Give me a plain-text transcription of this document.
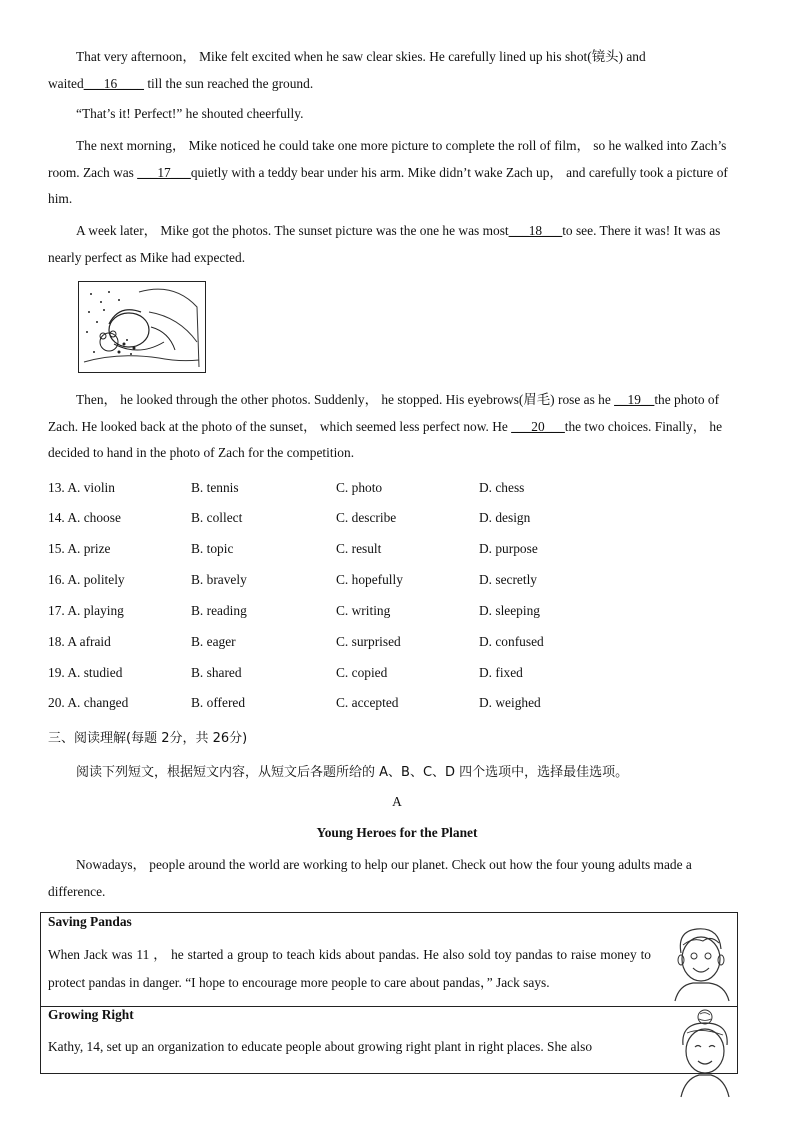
That very afternoon， Mike felt excited when he saw clear skies. He carefully lined up his shot(镜头) and
waited___16____ till the sun reached the ground.

“That’s it! Perfect!” he shouted cheerfully.

The next morning， Mike noticed he could take one more picture to complete the roll of film， so he walked into Zach’s room. Zach was ___17___quietly with a teddy bear under his arm. Mike didn’t wake Zach up， and carefully took a picture of him.

A week later， Mike got the photos. The sunset picture was the one he was most___18___to see. There it was! It was as nearly perfect as Mike had expected.

Then， he looked through the other photos. Suddenly， he stopped. His eyebrows(眉毛) rose as he __19__the photo of Zach. He looked back at the photo of the sunset， which seemed less perfect now. He ___20___the two choices. Finally， he decided to hand in the photo of Zach for the competition.

13. A. violin	B. tennis	C. photo	D. chess
14. A. choose	B. collect	C. describe	D. design
15. A. prize	B. topic	C. result	D. purpose
16. A. politely	B. bravely	C. hopefully	D. secretly
17. A. playing	B. reading	C. writing	D. sleeping
18. A afraid	B. eager	C. surprised	D. confused
19. A. studied	B. shared	C. copied	D. fixed
20. A. changed	B. offered	C. accepted	D. weighed
三、阅读理解(每题 2分，共 26分)
阅读下列短文，根据短文内容，从短文后各题所给的 A、B、C、D 四个选项中，选择最佳选项。
A
Young Heroes for the Planet

Nowadays， people around the world are working to help our planet. Check out how the four young adults made a difference.

Saving Pandas
When Jack was 11 ， he started a group to teach kids about pandas. He also sold toy pandas to raise money to protect pandas in danger. “I hope to encourage more people to care about pandas，” Jack says.
Growing Right
Kathy, 14, set up an organization to educate people about growing right plant in right places. She also
